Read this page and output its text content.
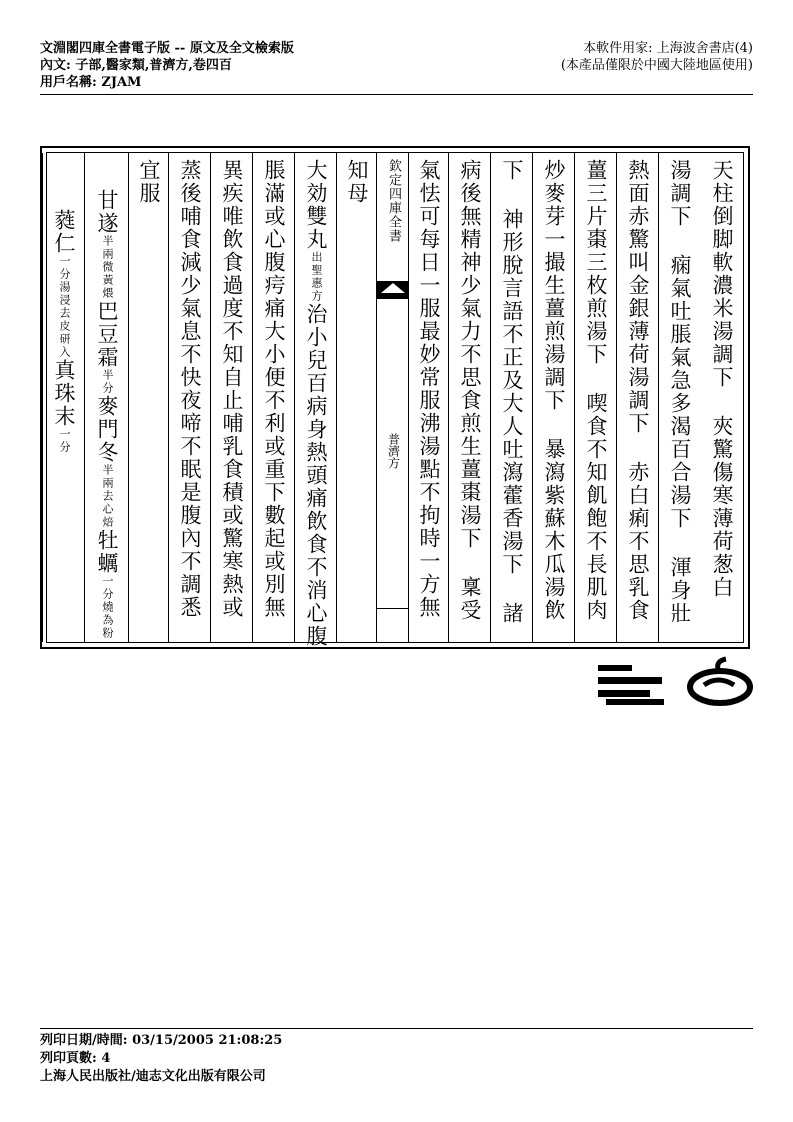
文淵閣四庫全書電子版 -- 原文及全文檢索版
內文: 子部,醫家類,普濟方,卷四百
用戶名稱: ZJAM
本軟件用家: 上海波舍書店(4)
(本產品僅限於中國大陸地區使用)
天柱倒脚軟濃米湯調下 夾驚傷寒薄荷葱白
湯調下 痫氣吐脹氣急多渴百合湯下 渾身壯
熱面赤驚叫金銀薄荷湯調下 赤白痢不思乳食
薑三片棗三枚煎湯下 喫食不知飢飽不長肌肉
炒麥芽一撮生薑煎湯調下 暴瀉紫蘇木瓜湯飲
下 神形脫言語不正及大人吐瀉藿香湯下 諸
病後無精神少氣力不思食煎生薑棗湯下 稟受
氣怯可每日一服最妙常服沸湯點不拘時一方無
欽定四庫全書
普濟方
知母
大効雙丸出聖惠方治小兒百病身熱頭痛飲食不消心腹
脹滿或心腹疞痛大小便不利或重下數起或別無
異疾唯飲食過度不知自止哺乳食積或驚寒熱或
蒸後哺食減少氣息不快夜啼不眠是腹內不調悉
宜服
甘遂半兩微黃煨巴豆霜半分麥門冬半兩去心焙牡蠣一分燒為粉
蕤仁一分湯浸去皮研入真珠末一分
列印日期/時間: 03/15/2005 21:08:25
列印頁數: 4
上海人民出版社/迪志文化出版有限公司
